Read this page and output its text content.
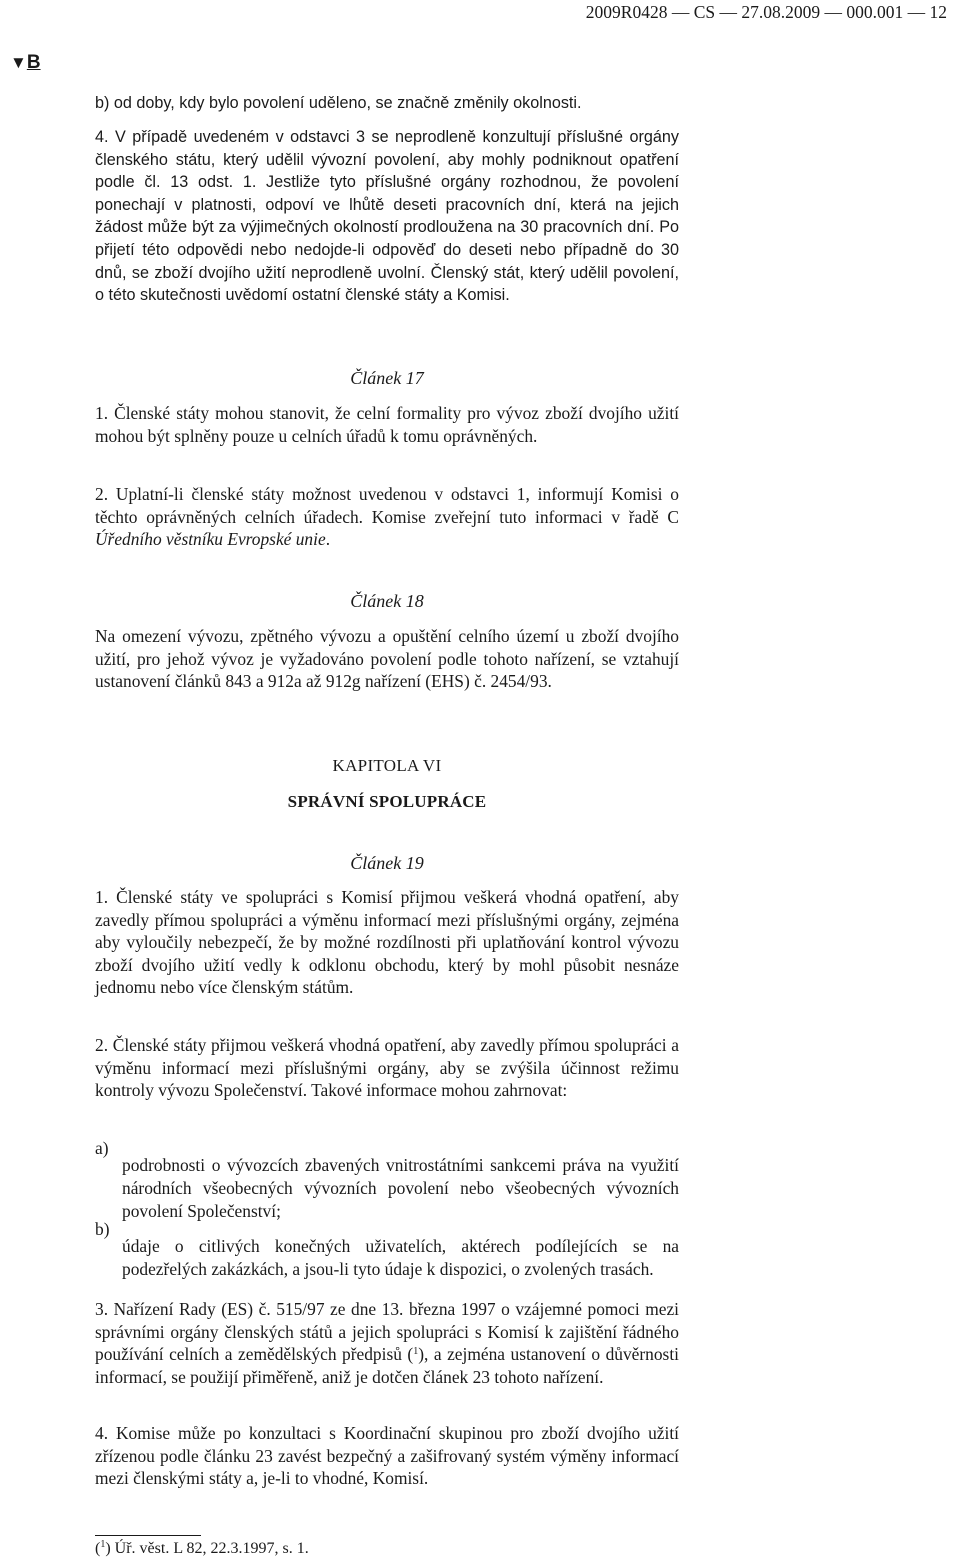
2009R0428 — CS — 27.08.2009 — 000.001 — 12
▼B

b) od doby, kdy bylo povolení uděleno, se značně změnily okolnosti.

4. V případě uvedeném v odstavci 3 se neprodleně konzultují příslušné orgány členského státu, který udělil vývozní povolení, aby mohly podniknout opatření podle čl. 13 odst. 1. Jestliže tyto příslušné orgány rozhodnou, že povolení ponechají v platnosti, odpoví ve lhůtě deseti pracovních dní, která na jejich žádost může být za výjimečných okolností prodloužena na 30 pracovních dní. Po přijetí této odpovědi nebo nedojde-li odpověď do deseti nebo případně do 30 dnů, se zboží dvojího užití neprodleně uvolní. Členský stát, který udělil povolení, o této skutečnosti uvědomí ostatní členské státy a Komisi.

Článek 17

1. Členské státy mohou stanovit, že celní formality pro vývoz zboží dvojího užití mohou být splněny pouze u celních úřadů k tomu oprávněných.

2. Uplatní-li členské státy možnost uvedenou v odstavci 1, informují Komisi o těchto oprávněných celních úřadech. Komise zveřejní tuto informaci v řadě C Úředního věstníku Evropské unie.

Článek 18

Na omezení vývozu, zpětného vývozu a opuštění celního území u zboží dvojího užití, pro jehož vývoz je vyžadováno povolení podle tohoto nařízení, se vztahují ustanovení článků 843 a 912a až 912g nařízení (EHS) č. 2454/93.

KAPITOLA VI
SPRÁVNÍ SPOLUPRÁCE
Článek 19

1. Členské státy ve spolupráci s Komisí přijmou veškerá vhodná opatření, aby zavedly přímou spolupráci a výměnu informací mezi příslušnými orgány, zejména aby vyloučily nebezpečí, že by možné rozdílnosti při uplatňování kontrol vývozu zboží dvojího užití vedly k odklonu obchodu, který by mohl působit nesnáze jednomu nebo více členským státům.

2. Členské státy přijmou veškerá vhodná opatření, aby zavedly přímou spolupráci a výměnu informací mezi příslušnými orgány, aby se zvýšila účinnost režimu kontroly vývozu Společenství. Takové informace mohou zahrnovat:

a)

podrobnosti o vývozcích zbavených vnitrostátními sankcemi práva na využití národních všeobecných vývozních povolení nebo všeobecných vývozních povolení Společenství;

b)

údaje o citlivých konečných uživatelích, aktérech podílejících se na podezřelých zakázkách, a jsou-li tyto údaje k dispozici, o zvolených trasách.

3. Nařízení Rady (ES) č. 515/97 ze dne 13. března 1997 o vzájemné pomoci mezi správními orgány členských států a jejich spolupráci s Komisí k zajištění řádného používání celních a zemědělských předpisů ($^1$), a zejména ustanovení o důvěrnosti informací, se použijí přiměřeně, aniž je dotčen článek 23 tohoto nařízení.

4. Komise může po konzultaci s Koordinační skupinou pro zboží dvojího užití zřízenou podle článku 23 zavést bezpečný a zašifrovaný systém výměny informací mezi členskými státy a, je-li to vhodné, Komisí.

($^1$) Úř. věst. L 82, 22.3.1997, s. 1.
